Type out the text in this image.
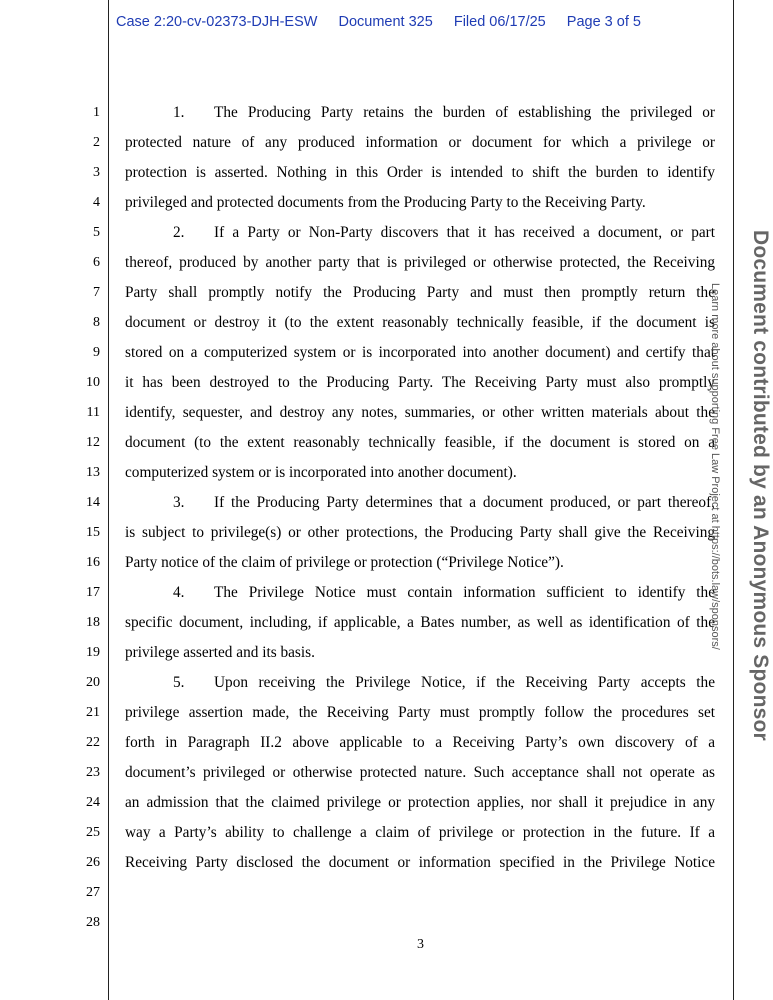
Case 2:20-cv-02373-DJH-ESW Document 325 Filed 06/17/25 Page 3 of 5
1
2
3
4
5
6
7
8
9
10
11
12
13
14
15
16
17
18
19
20
21
22
23
24
25
26
27
28
1. The Producing Party retains the burden of establishing the privileged or
protected nature of any produced information or document for which a privilege or
protection is asserted. Nothing in this Order is intended to shift the burden to identify
privileged and protected documents from the Producing Party to the Receiving Party.
2. If a Party or Non-Party discovers that it has received a document, or part
thereof, produced by another party that is privileged or otherwise protected, the Receiving
Party shall promptly notify the Producing Party and must then promptly return the
document or destroy it (to the extent reasonably technically feasible, if the document is
stored on a computerized system or is incorporated into another document) and certify that
it has been destroyed to the Producing Party. The Receiving Party must also promptly
identify, sequester, and destroy any notes, summaries, or other written materials about the
document (to the extent reasonably technically feasible, if the document is stored on a
computerized system or is incorporated into another document).
3. If the Producing Party determines that a document produced, or part thereof,
is subject to privilege(s) or other protections, the Producing Party shall give the Receiving
Party notice of the claim of privilege or protection (“Privilege Notice”).
4. The Privilege Notice must contain information sufficient to identify the
specific document, including, if applicable, a Bates number, as well as identification of the
privilege asserted and its basis.
5. Upon receiving the Privilege Notice, if the Receiving Party accepts the
privilege assertion made, the Receiving Party must promptly follow the procedures set
forth in Paragraph II.2 above applicable to a Receiving Party’s own discovery of a
document’s privileged or otherwise protected nature. Such acceptance shall not operate as
an admission that the claimed privilege or protection applies, nor shall it prejudice in any
way a Party’s ability to challenge a claim of privilege or protection in the future. If a
Receiving Party disclosed the document or information specified in the Privilege Notice
3
Document contributed by an Anonymous Sponsor
Learn more about supporting Free Law Project at https://bots.law/sponsors/
